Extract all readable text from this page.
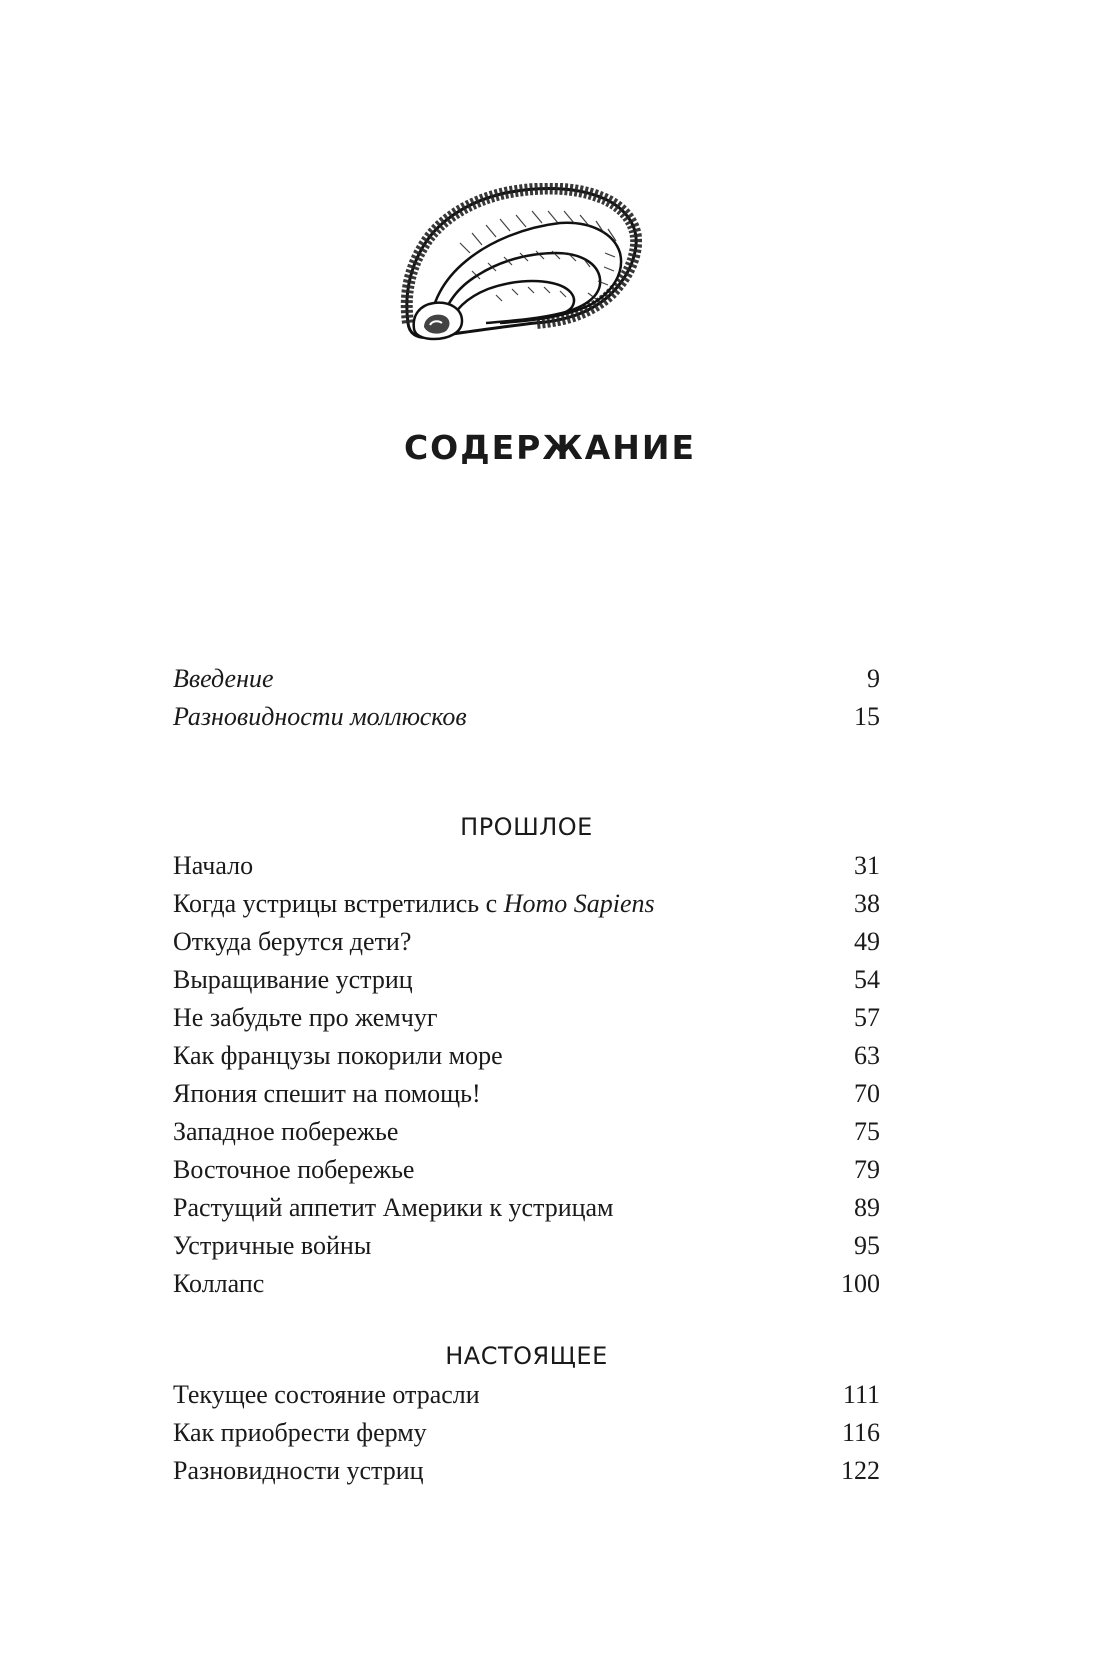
СОДЕРЖАНИЕ
Введение	9
Разновидности моллюсков	15
ПРОШЛОЕ
Начало	31
Когда устрицы встретились с Homo Sapiens	38
Откуда берутся дети?	49
Выращивание устриц	54
Не забудьте про жемчуг	57
Как французы покорили море	63
Япония спешит на помощь!	70
Западное побережье	75
Восточное побережье	79
Растущий аппетит Америки к устрицам	89
Устричные войны	95
Коллапс	100
НАСТОЯЩЕЕ
Текущее состояние отрасли	111
Как приобрести ферму	116
Разновидности устриц	122
